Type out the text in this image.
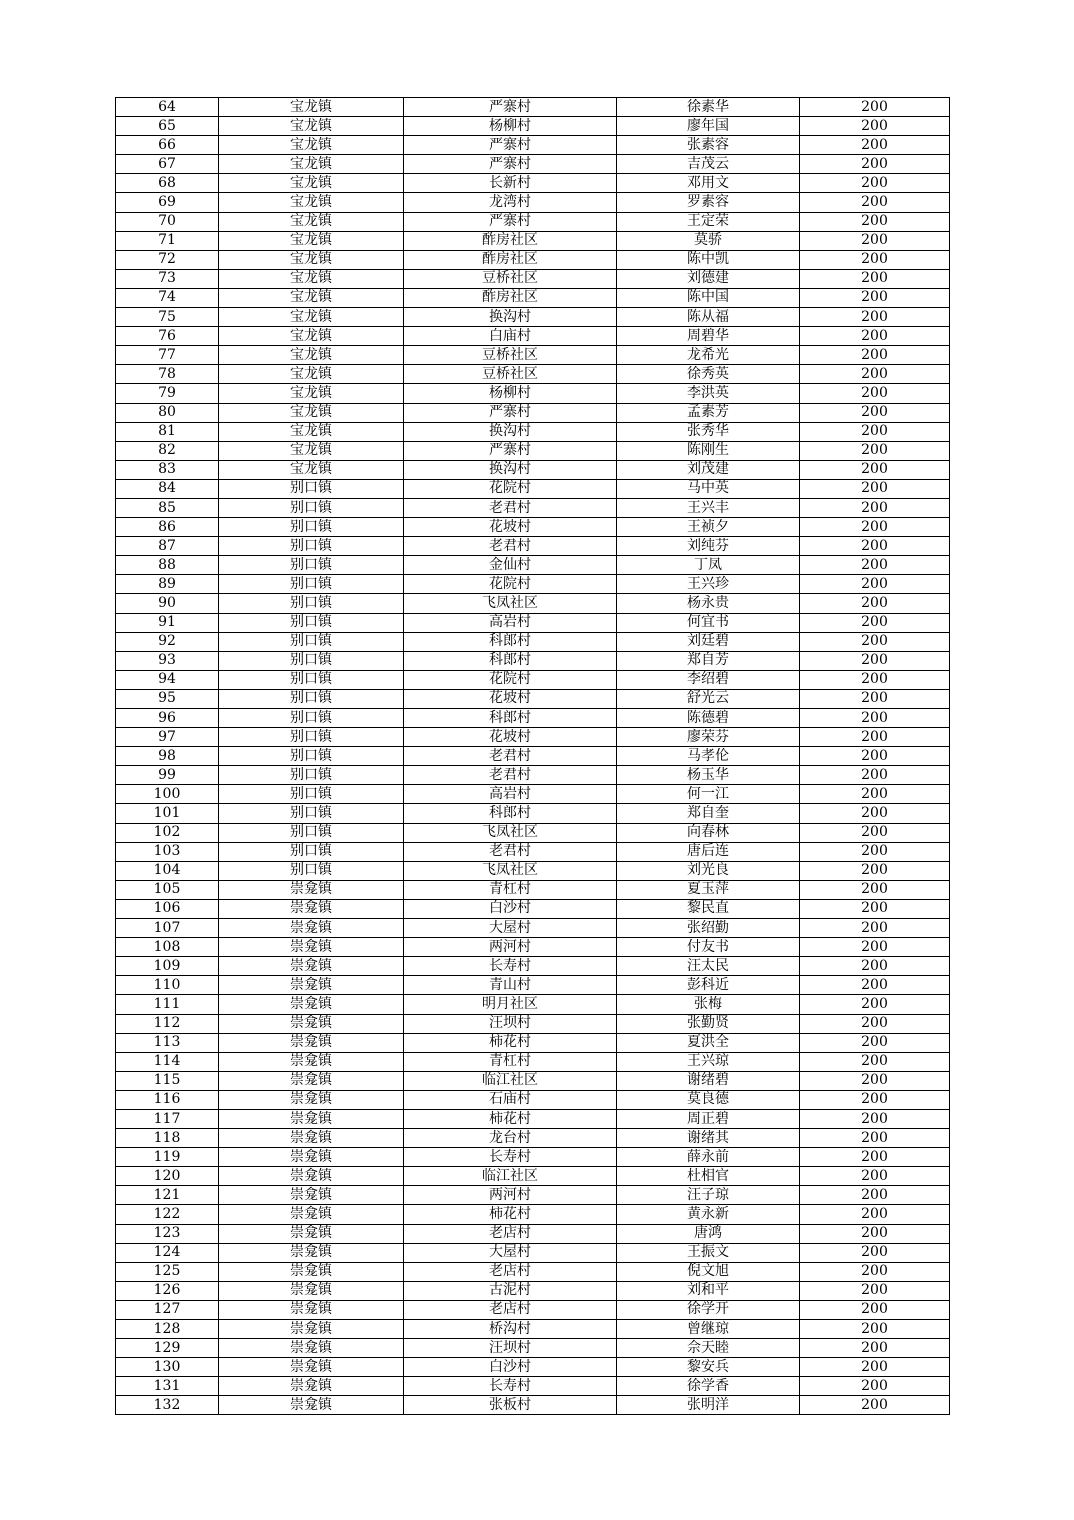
64	宝龙镇	严寨村	徐素华	200
65	宝龙镇	杨柳村	廖年国	200
66	宝龙镇	严寨村	张素容	200
67	宝龙镇	严寨村	吉茂云	200
68	宝龙镇	长新村	邓用文	200
69	宝龙镇	龙湾村	罗素容	200
70	宝龙镇	严寨村	王定荣	200
71	宝龙镇	酢房社区	莫骄	200
72	宝龙镇	酢房社区	陈中凯	200
73	宝龙镇	豆桥社区	刘德建	200
74	宝龙镇	酢房社区	陈中国	200
75	宝龙镇	换沟村	陈从福	200
76	宝龙镇	白庙村	周碧华	200
77	宝龙镇	豆桥社区	龙希光	200
78	宝龙镇	豆桥社区	徐秀英	200
79	宝龙镇	杨柳村	李洪英	200
80	宝龙镇	严寨村	孟素芳	200
81	宝龙镇	换沟村	张秀华	200
82	宝龙镇	严寨村	陈刚生	200
83	宝龙镇	换沟村	刘茂建	200
84	别口镇	花院村	马中英	200
85	别口镇	老君村	王兴丰	200
86	别口镇	花坡村	王祯夕	200
87	别口镇	老君村	刘纯芬	200
88	别口镇	金仙村	丁凤	200
89	别口镇	花院村	王兴珍	200
90	别口镇	飞凤社区	杨永贵	200
91	别口镇	高岩村	何宜书	200
92	别口镇	科郎村	刘廷碧	200
93	别口镇	科郎村	郑自芳	200
94	别口镇	花院村	李绍碧	200
95	别口镇	花坡村	舒光云	200
96	别口镇	科郎村	陈德碧	200
97	别口镇	花坡村	廖荣芬	200
98	别口镇	老君村	马孝伦	200
99	别口镇	老君村	杨玉华	200
100	别口镇	高岩村	何一江	200
101	别口镇	科郎村	郑自奎	200
102	别口镇	飞凤社区	向春林	200
103	别口镇	老君村	唐后连	200
104	别口镇	飞凤社区	刘光良	200
105	崇龛镇	青杠村	夏玉萍	200
106	崇龛镇	白沙村	黎民直	200
107	崇龛镇	大屋村	张绍勤	200
108	崇龛镇	两河村	付友书	200
109	崇龛镇	长寿村	汪太民	200
110	崇龛镇	青山村	彭科近	200
111	崇龛镇	明月社区	张梅	200
112	崇龛镇	汪坝村	张勤贤	200
113	崇龛镇	柿花村	夏洪全	200
114	崇龛镇	青杠村	王兴琼	200
115	崇龛镇	临江社区	谢绪碧	200
116	崇龛镇	石庙村	莫良德	200
117	崇龛镇	柿花村	周正碧	200
118	崇龛镇	龙台村	谢绪其	200
119	崇龛镇	长寿村	薛永前	200
120	崇龛镇	临江社区	杜相官	200
121	崇龛镇	两河村	汪子琼	200
122	崇龛镇	柿花村	黄永新	200
123	崇龛镇	老店村	唐鸿	200
124	崇龛镇	大屋村	王振文	200
125	崇龛镇	老店村	倪文旭	200
126	崇龛镇	古泥村	刘和平	200
127	崇龛镇	老店村	徐学开	200
128	崇龛镇	桥沟村	曾继琼	200
129	崇龛镇	汪坝村	佘天睦	200
130	崇龛镇	白沙村	黎安兵	200
131	崇龛镇	长寿村	徐学香	200
132	崇龛镇	张板村	张明洋	200
